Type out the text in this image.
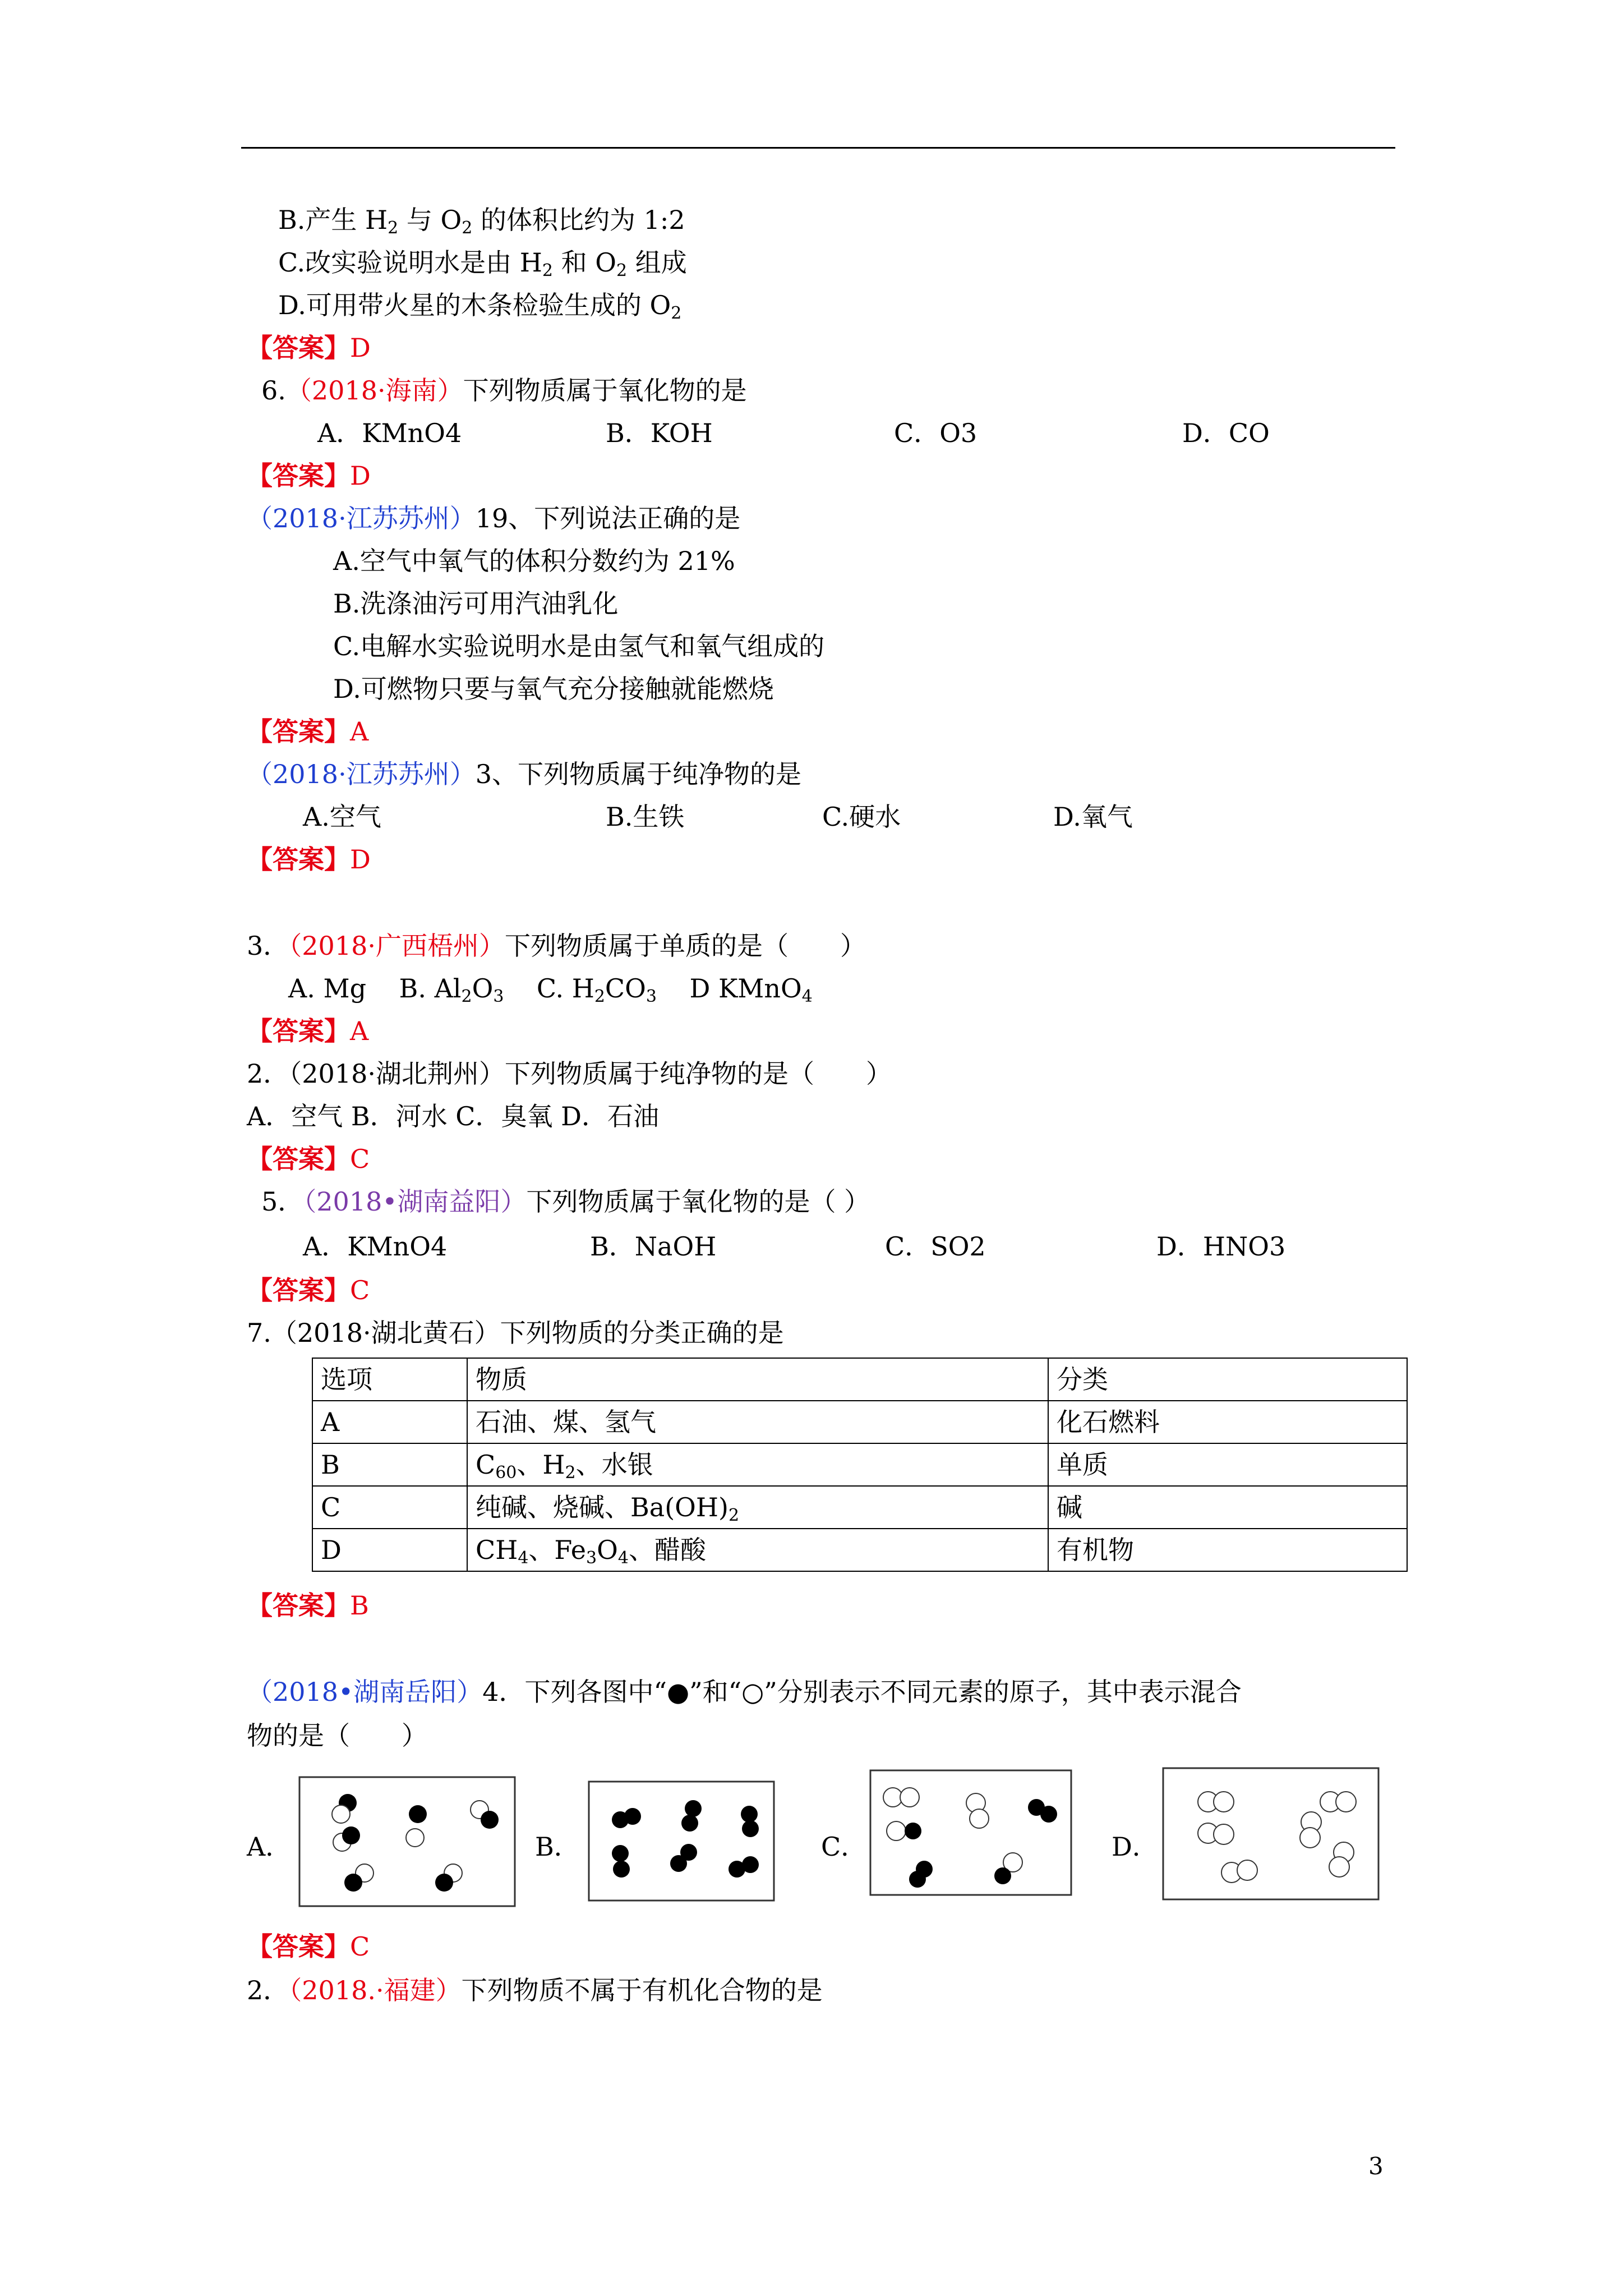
B.产生 $H_2$ 与 $O_2$ 的体积比约为 1:2
C.改实验说明水是由 $H_2$ 和 $O_2$ 组成
D.可用带火星的木条检验生成的 $O_2$
【答案】D
6.（2018·海南）下列物质属于氧化物的是
A．KMnO4	B．KOH	C．O3	D．CO
【答案】D
（2018·江苏苏州）19、下列说法正确的是
A.空气中氧气的体积分数约为 21%
B.洗涤油污可用汽油乳化
C.电解水实验说明水是由氢气和氧气组成的
D.可燃物只要与氧气充分接触就能燃烧
【答案】A
（2018·江苏苏州）3、下列物质属于纯净物的是
A.空气	B.生铁	C.硬水	D.氧气
【答案】D
3．（2018·广西梧州）下列物质属于单质的是（　　）
A. Mg B. $Al_2O_3$ C. $H_2CO_3$ D KMnO$_4$
【答案】A
2．（2018·湖北荆州）下列物质属于纯净物的是（　　）
A．空气 B．河水 C．臭氧 D．石油
【答案】C
5．（2018•湖南益阳）下列物质属于氧化物的是（ ）
A．KMnO4	B．NaOH	C．SO2	D．HNO3
【答案】C
7.（2018·湖北黄石）下列物质的分类正确的是
选项	物质	分类
A	石油、煤、氢气	化石燃料
B	$C_{60}$、$H_2$、水银	单质
C	纯碱、烧碱、$Ba(OH)_2$	碱
D	$CH_4$、$Fe_3O_4$、醋酸	有机物
【答案】B
（2018•湖南岳阳）4．下列各图中“●”和“○”分别表示不同元素的原子，其中表示混合
物的是（　　）
A．	B．	C．	D．
【答案】C
2．（2018.·福建）下列物质不属于有机化合物的是
3
